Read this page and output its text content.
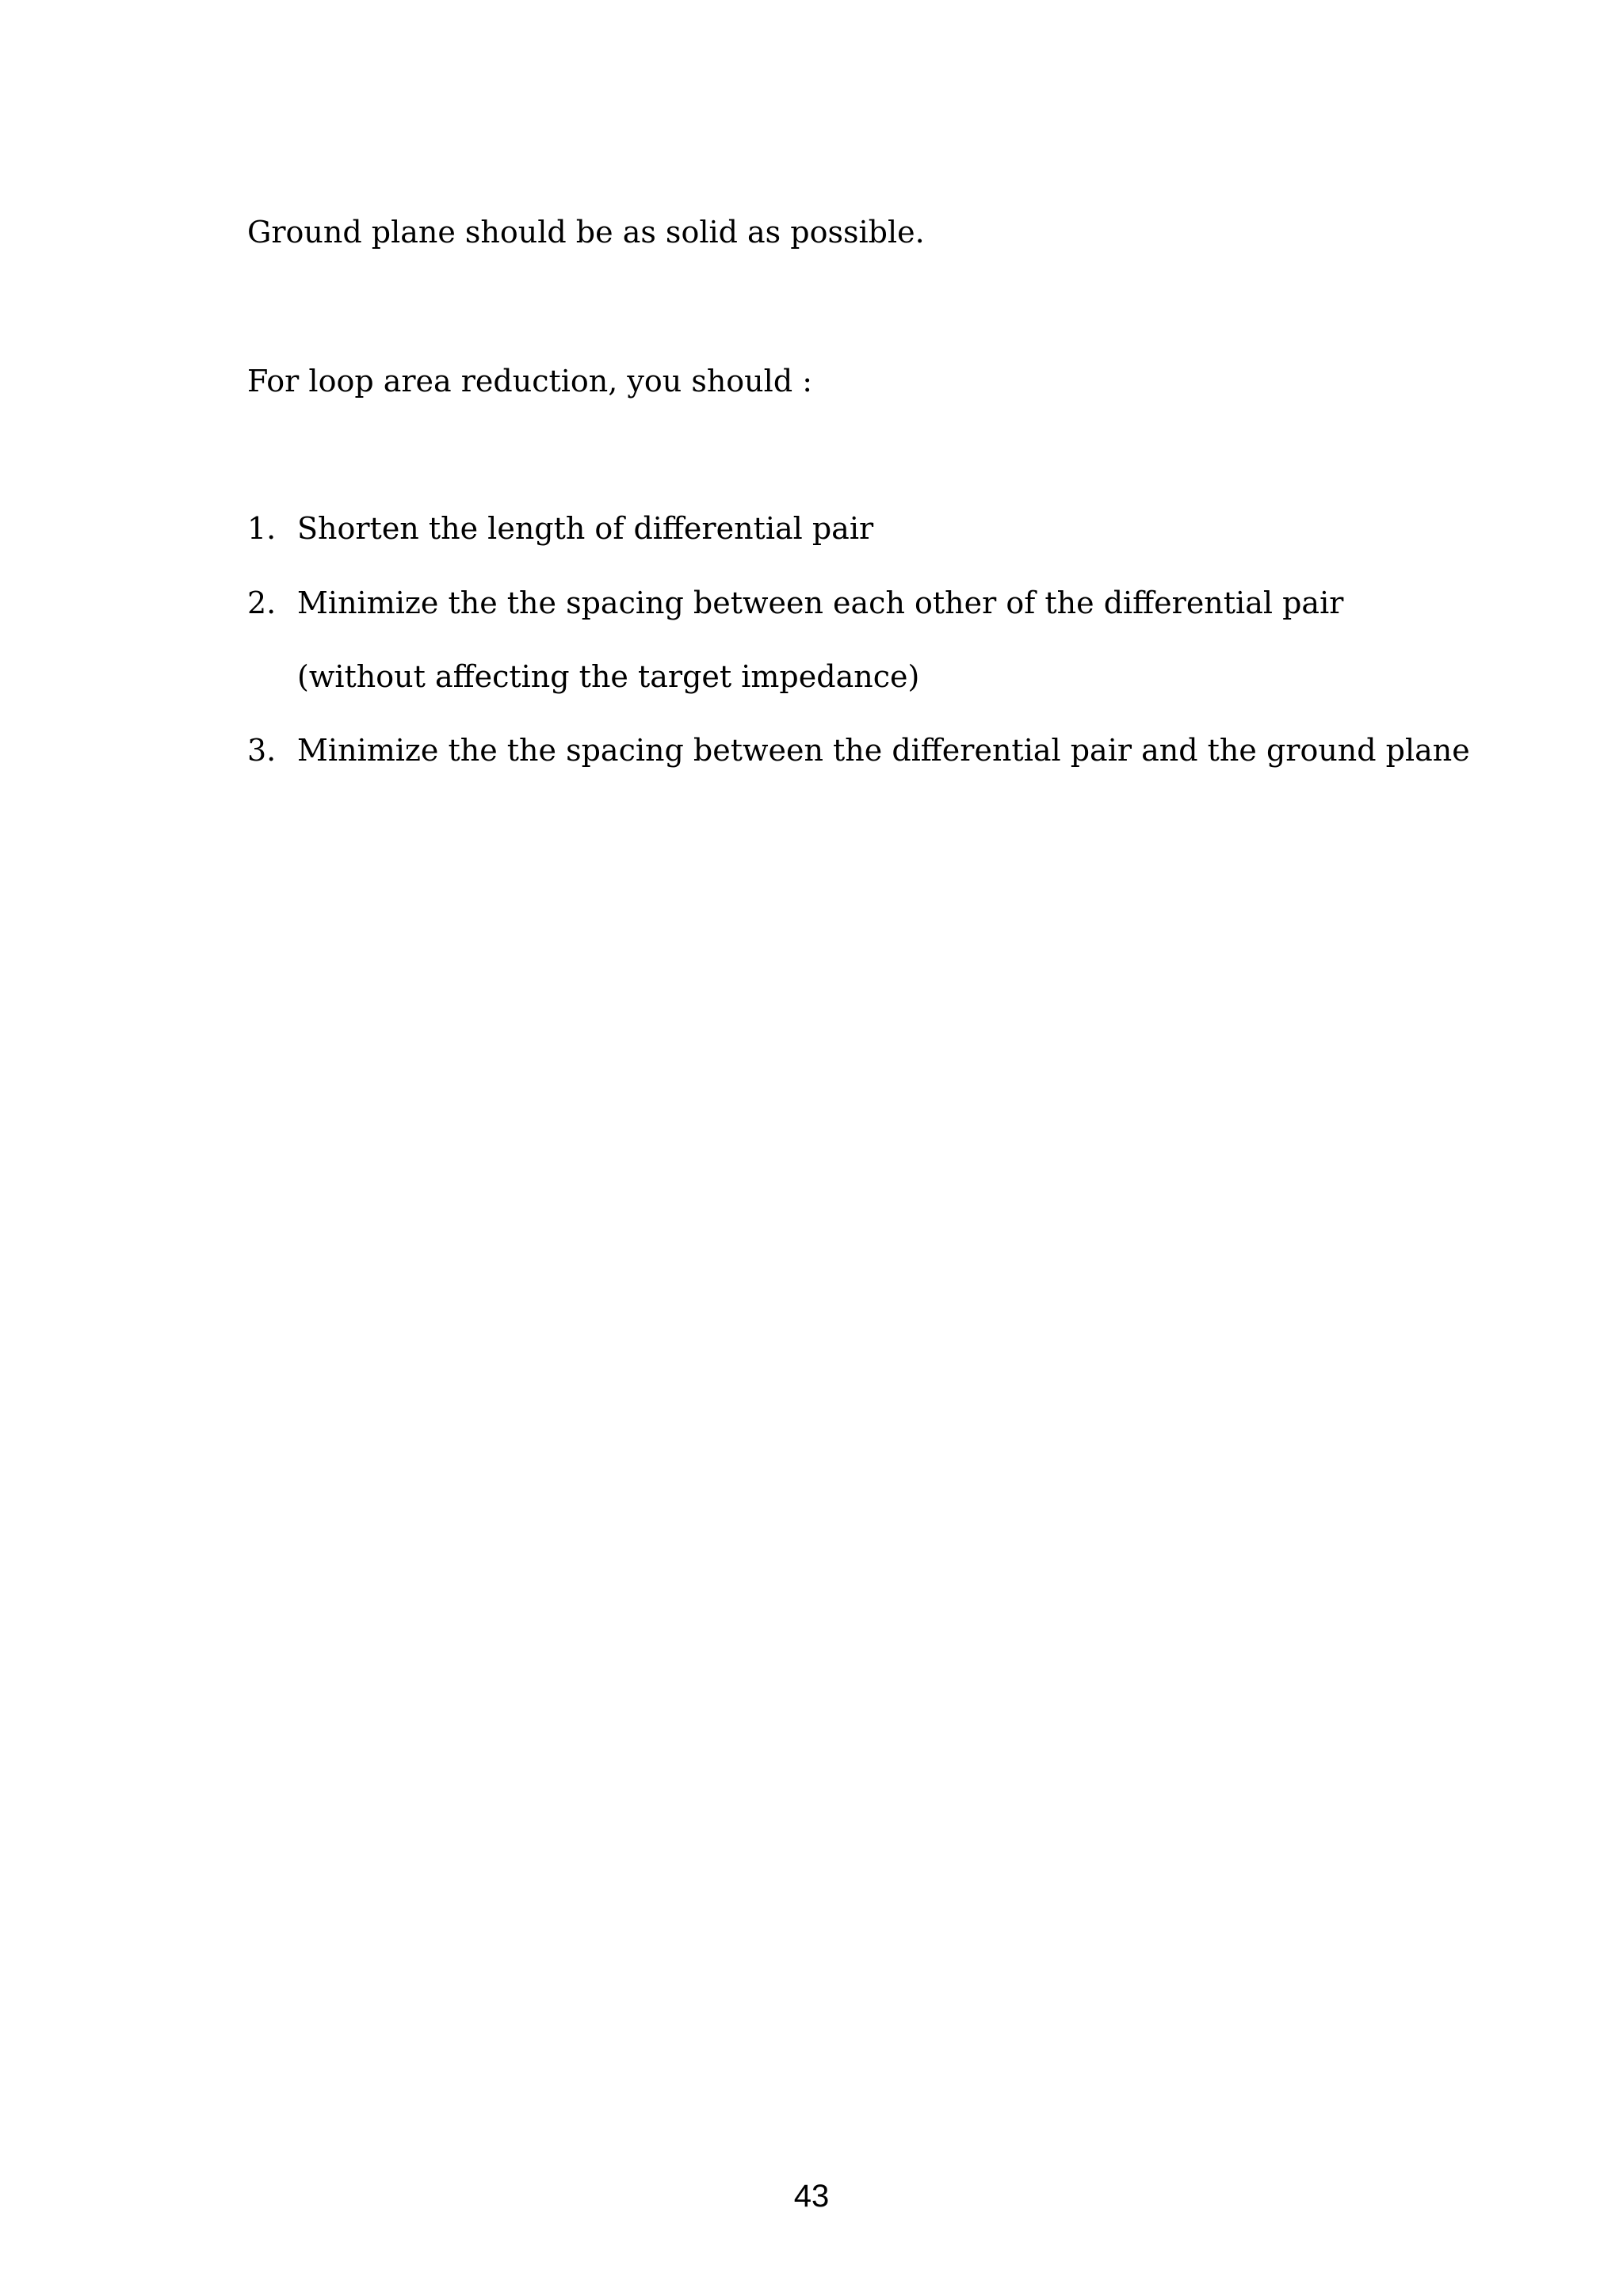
Ground plane should be as solid as possible.

For loop area reduction, you should :

1. Shorten the length of differential pair
2. Minimize the the spacing between each other of the differential pair
(without affecting the target impedance)
3. Minimize the the spacing between the differential pair and the ground plane
43
